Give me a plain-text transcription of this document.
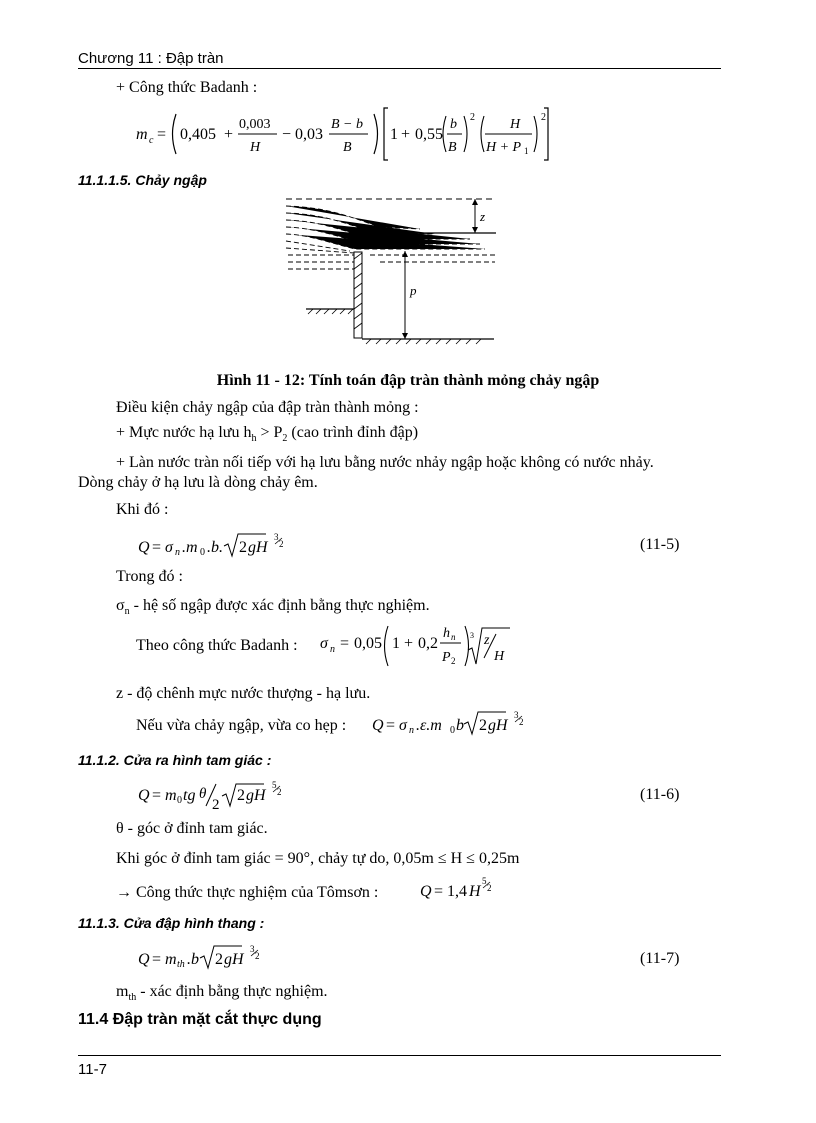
Chương 11 : Đập tràn
+ Công thức Badanh :
m c = 0,405 +
0,003
H
− 0,03
B − b
B
1 + 0,55
b
B
2	H
H + P 1
2
11.1.1.5. Chảy ngập
z
p
Hình 11 - 12: Tính toán đập tràn thành mỏng chảy ngập
Điều kiện chảy ngập của đập tràn thành mỏng :
+ Mực nước hạ lưu $h_h > P_2$ (cao trình đỉnh đập)
+ Làn nước tràn nối tiếp với hạ lưu bằng nước nhảy ngập hoặc không có nước nhảy.
Dòng chảy ở hạ lưu là dòng chảy êm.
Khi đó :
Q = σ n .m 0 .b. 2 gH
3
2	(11-5)
Trong đó :
$\sigma_n$ - hệ số ngập được xác định bằng thực nghiệm.
Theo công thức Badanh : σ n = 0,05 1 + 0,2
h n
P 2
3 z
H
z - độ chênh mực nước thượng - hạ lưu.
Nếu vừa chảy ngập, vừa co hẹp : Q = σ n .ε.m 0 b 2 gH
3
2
11.1.2. Cửa ra hình tam giác :
Q = m 0 tg θ
2
2 gH
5
2	(11-6)
θ - góc ở đỉnh tam giác.
Khi góc ở đỉnh tam giác = 90°, chảy tự do, 0,05m ≤ H ≤ 0,25m
→ Công thức thực nghiệm của Tômsơn :	Q = 1,4 H
5
2
11.1.3. Cửa đập hình thang :
Q = m th .b 2 gH
3
2	(11-7)
$m_{th}$ - xác định bằng thực nghiệm.
11.4 Đập tràn mặt cắt thực dụng
11-7
